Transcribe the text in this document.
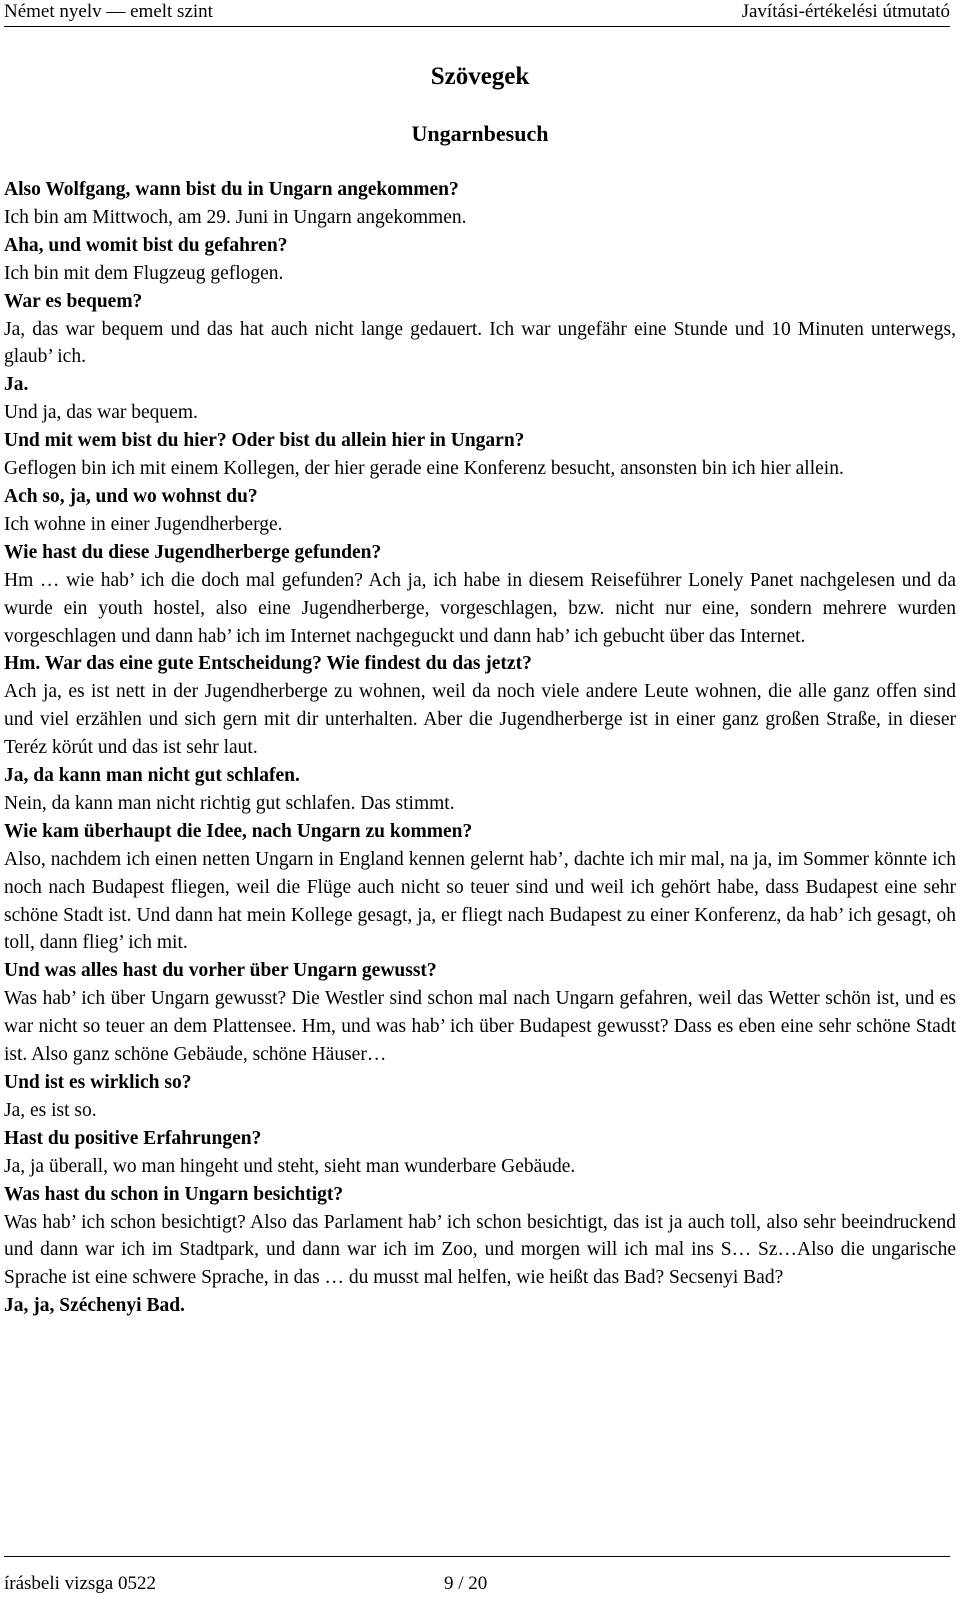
Német nyelv — emelt szint	Javítási-értékelési útmutató
Szövegek
Ungarnbesuch

Also Wolfgang, wann bist du in Ungarn angekommen?

Ich bin am Mittwoch, am 29. Juni in Ungarn angekommen.

Aha, und womit bist du gefahren?

Ich bin mit dem Flugzeug geflogen.

War es bequem?

Ja, das war bequem und das hat auch nicht lange gedauert. Ich war ungefähr eine Stunde und 10 Minuten unterwegs, glaub’ ich.

Ja.

Und ja, das war bequem.

Und mit wem bist du hier? Oder bist du allein hier in Ungarn?

Geflogen bin ich mit einem Kollegen, der hier gerade eine Konferenz besucht, ansonsten bin ich hier allein.

Ach so, ja, und wo wohnst du?

Ich wohne in einer Jugendherberge.

Wie hast du diese Jugendherberge gefunden?

Hm … wie hab’ ich die doch mal gefunden? Ach ja, ich habe in diesem Reiseführer Lonely Panet nachgelesen und da wurde ein youth hostel, also eine Jugendherberge, vorgeschlagen, bzw. nicht nur eine, sondern mehrere wurden vorgeschlagen und dann hab’ ich im Internet nachgeguckt und dann hab’ ich gebucht über das Internet.

Hm. War das eine gute Entscheidung? Wie findest du das jetzt?

Ach ja, es ist nett in der Jugendherberge zu wohnen, weil da noch viele andere Leute wohnen, die alle ganz offen sind und viel erzählen und sich gern mit dir unterhalten. Aber die Jugendherberge ist in einer ganz großen Straße, in dieser Teréz körút und das ist sehr laut.

Ja, da kann man nicht gut schlafen.

Nein, da kann man nicht richtig gut schlafen. Das stimmt.

Wie kam überhaupt die Idee, nach Ungarn zu kommen?

Also, nachdem ich einen netten Ungarn in England kennen gelernt hab’, dachte ich mir mal, na ja, im Sommer könnte ich noch nach Budapest fliegen, weil die Flüge auch nicht so teuer sind und weil ich gehört habe, dass Budapest eine sehr schöne Stadt ist. Und dann hat mein Kollege gesagt, ja, er fliegt nach Budapest zu einer Konferenz, da hab’ ich gesagt, oh toll, dann flieg’ ich mit.

Und was alles hast du vorher über Ungarn gewusst?

Was hab’ ich über Ungarn gewusst? Die Westler sind schon mal nach Ungarn gefahren, weil das Wetter schön ist, und es war nicht so teuer an dem Plattensee. Hm, und was hab’ ich über Budapest gewusst? Dass es eben eine sehr schöne Stadt ist. Also ganz schöne Gebäude, schöne Häuser…

Und ist es wirklich so?

Ja, es ist so.

Hast du positive Erfahrungen?

Ja, ja überall, wo man hingeht und steht, sieht man wunderbare Gebäude.

Was hast du schon in Ungarn besichtigt?

Was hab’ ich schon besichtigt? Also das Parlament hab’ ich schon besichtigt, das ist ja auch toll, also sehr beeindruckend und dann war ich im Stadtpark, und dann war ich im Zoo, und morgen will ich mal ins S… Sz…Also die ungarische Sprache ist eine schwere Sprache, in das … du musst mal helfen, wie heißt das Bad? Secsenyi Bad?

Ja, ja, Széchenyi Bad.

írásbeli vizsga 0522	9 / 20
